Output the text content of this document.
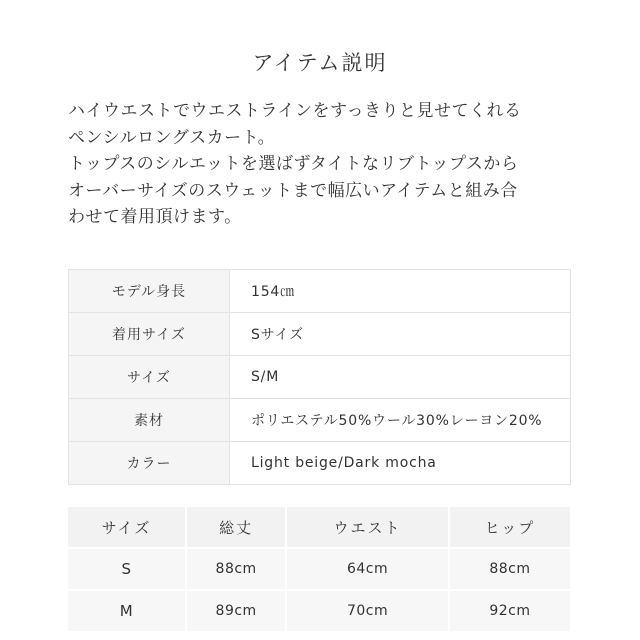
アイテム説明
ハイウエストでウエストラインをすっきりと見せてくれる
ペンシルロングスカート。
トップスのシルエットを選ばずタイトなリブトップスから
オーバーサイズのスウェットまで幅広いアイテムと組み合
わせて着用頂けます。
モデル身長	154㎝
着用サイズ	Sサイズ
サイズ	S/M
素材	ポリエステル50%ウール30%レーヨン20%
カラー	Light beige/Dark mocha
サイズ	総丈	ウエスト	ヒップ
S	88cm	64cm	88cm
M	89cm	70cm	92cm
